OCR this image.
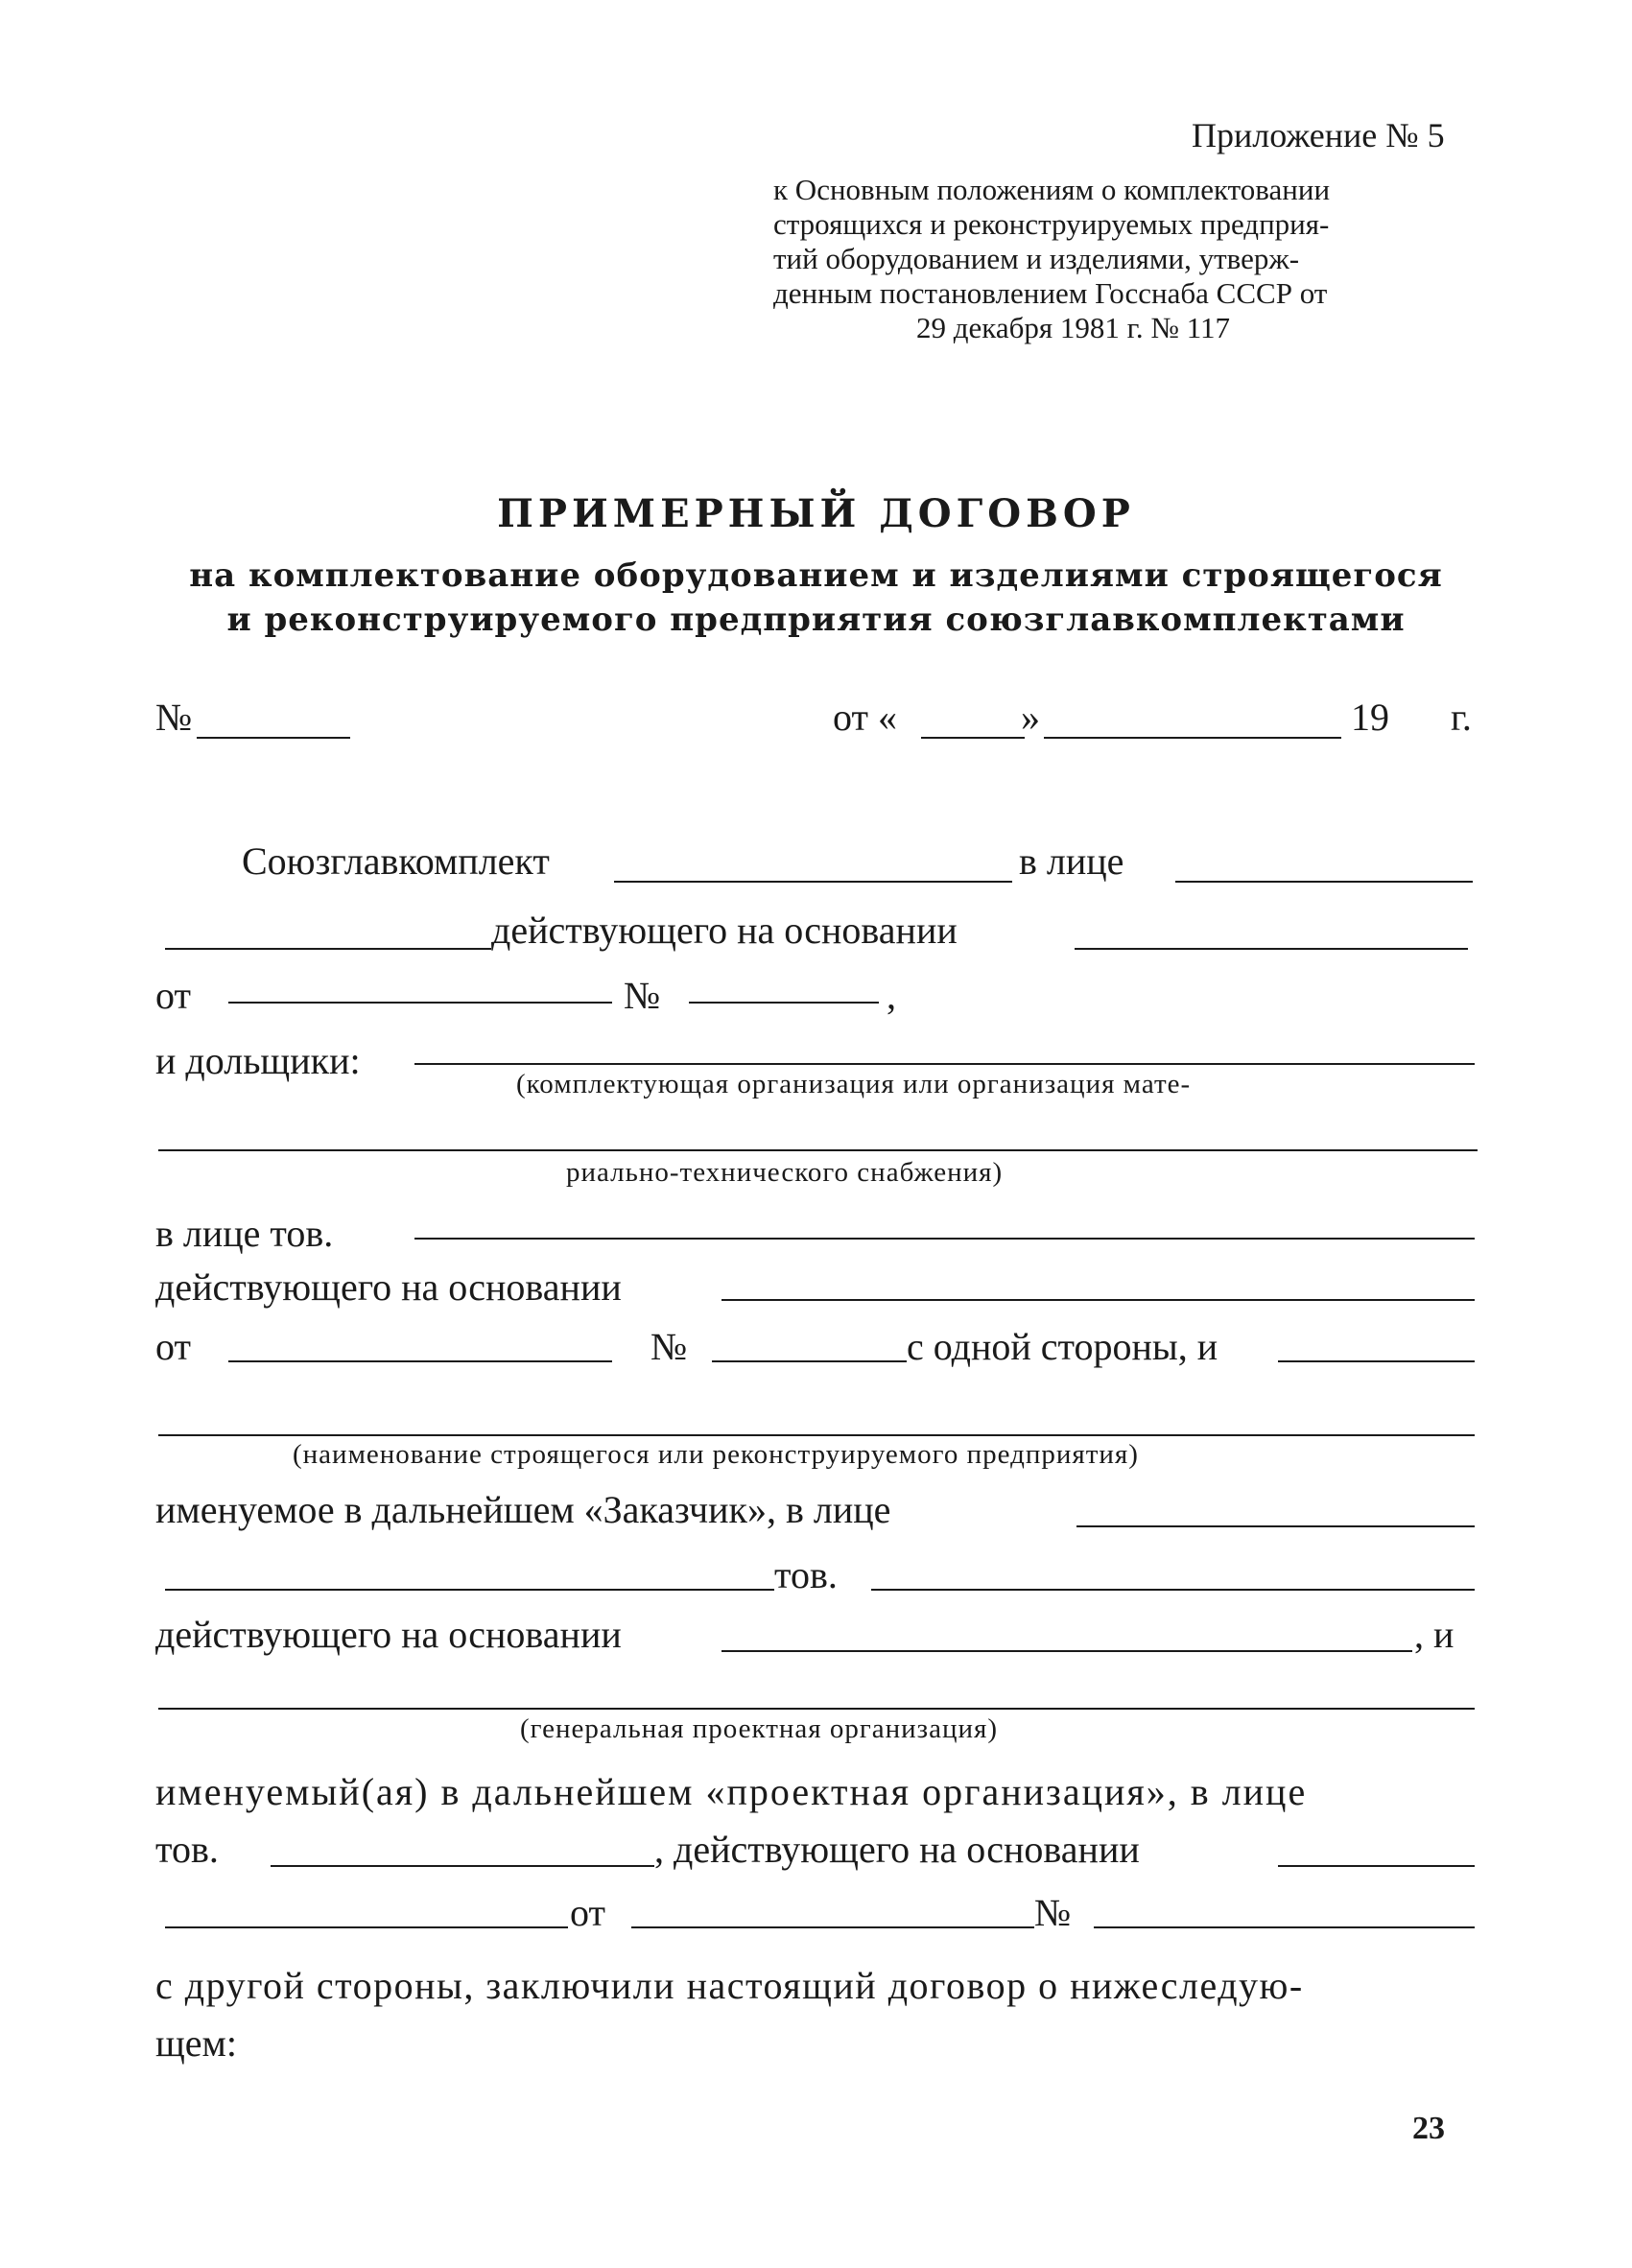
Приложение № 5
к Основным положениям о комплектовании
строящихся и реконструируемых предприя-
тий оборудованием и изделиями, утверж-
денным постановлением Госснаба СССР от
29 декабря 1981 г. № 117
ПРИМЕРНЫЙ ДОГОВОР
на комплектование оборудованием и изделиями строящегося
и реконструируемого предприятия союзглавкомплектами
№	от «	»	19 г.
Союзглавкомплект	в лице
действующего на основании
от	№	,
и дольщики:
(комплектующая организация или организация мате-
риально-технического снабжения)
в лице тов.
действующего на основании
от	№	с одной стороны, и
(наименование строящегося или реконструируемого предприятия)
именуемое в дальнейшем «Заказчик», в лице
тов.
действующего на основании	, и
(генеральная проектная организация)
именуемый(ая) в дальнейшем «проектная организация», в лице
тов.	, действующего на основании
от	№
с другой стороны, заключили настоящий договор о нижеследую-
щем:
23
